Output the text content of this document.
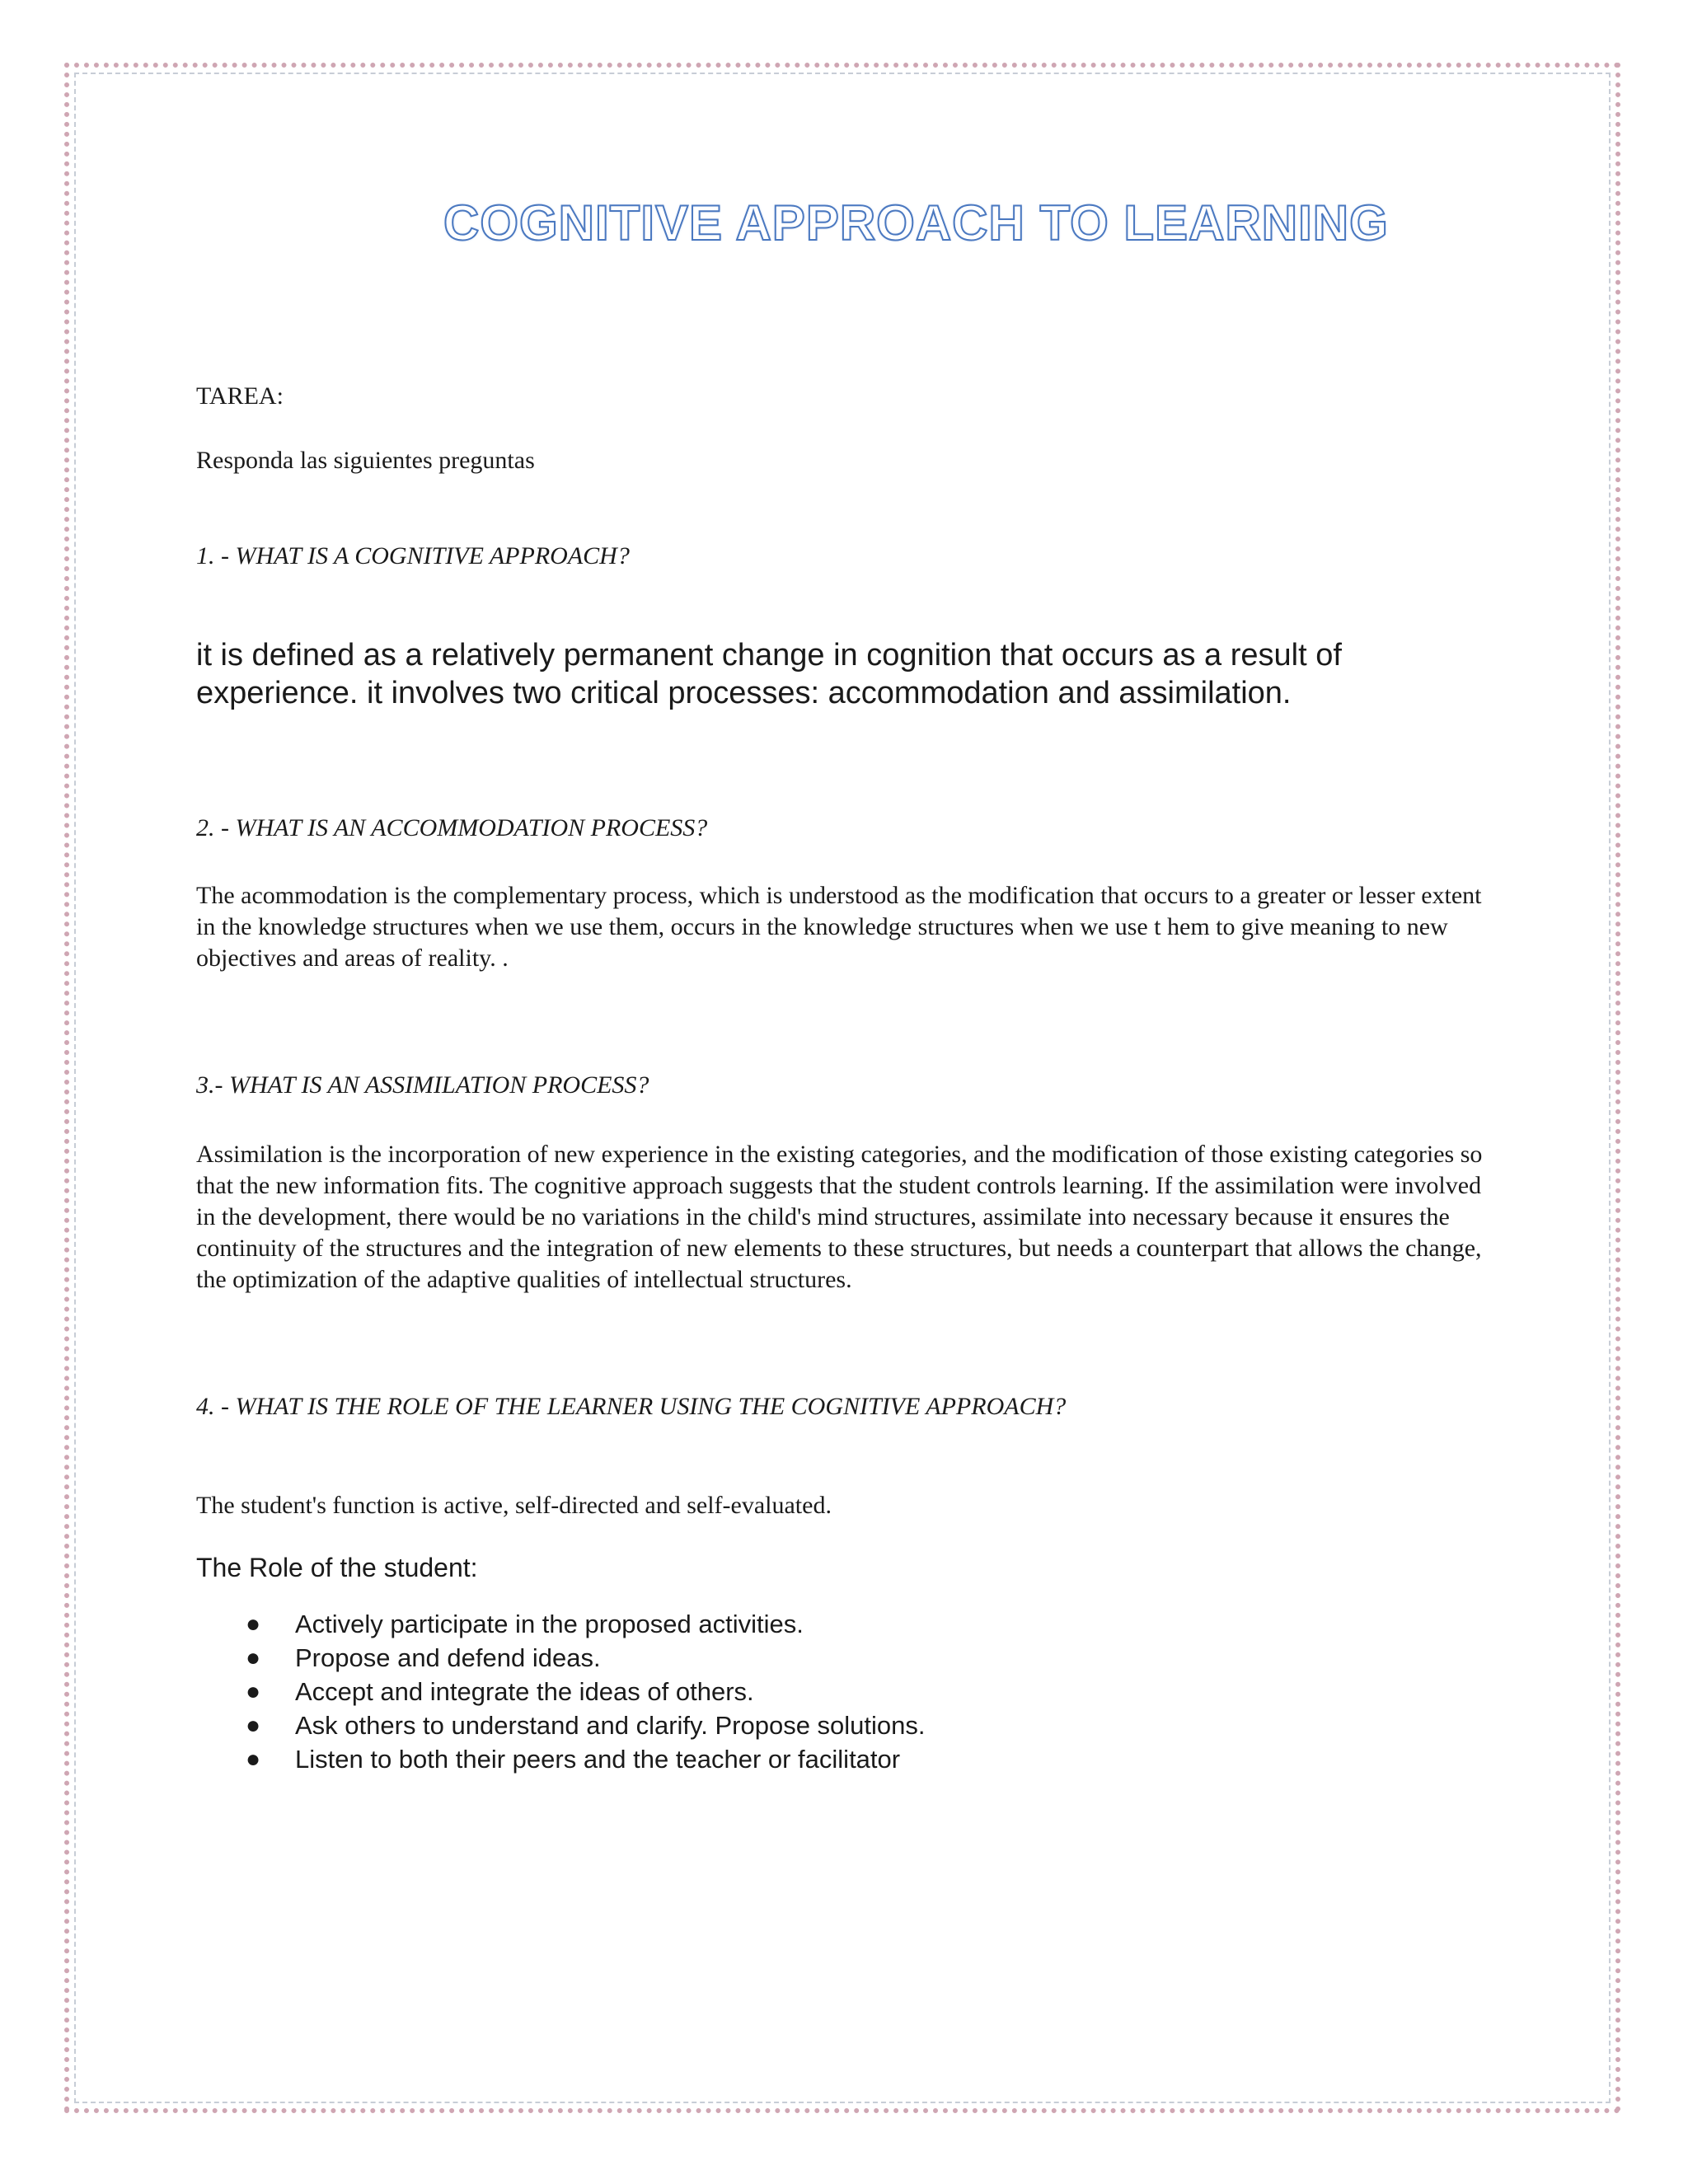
COGNITIVE APPROACH TO LEARNING

TAREA:

Responda las siguientes preguntas

1. - WHAT IS A COGNITIVE APPROACH?

it is defined as a relatively permanent change in cognition that occurs as a result of experience. it involves two critical processes: accommodation and assimilation.

2. - WHAT IS AN ACCOMMODATION PROCESS?

The acommodation is the complementary process, which is understood as the modification that occurs to a greater or lesser extent in the knowledge structures when we use them, occurs in the knowledge structures when we use t hem to give meaning to new objectives and areas of reality. .

3.- WHAT IS AN ASSIMILATION PROCESS?

Assimilation is the incorporation of new experience in the existing categories, and the modification of those existing categories so that the new information fits. The cognitive approach suggests that the student controls learning. If the assimilation were involved in the development, there would be no variations in the child's mind structures, assimilate into necessary because it ensures the continuity of the structures and the integration of new elements to these structures, but needs a counterpart that allows the change, the optimization of the adaptive qualities of intellectual structures.

4. - WHAT IS THE ROLE OF THE LEARNER USING THE COGNITIVE APPROACH?

The student's function is active, self-directed and self-evaluated.

The Role of the student:

● Actively participate in the proposed activities.
● Propose and defend ideas.
● Accept and integrate the ideas of others.
● Ask others to understand and clarify. Propose solutions.
● Listen to both their peers and the teacher or facilitator
